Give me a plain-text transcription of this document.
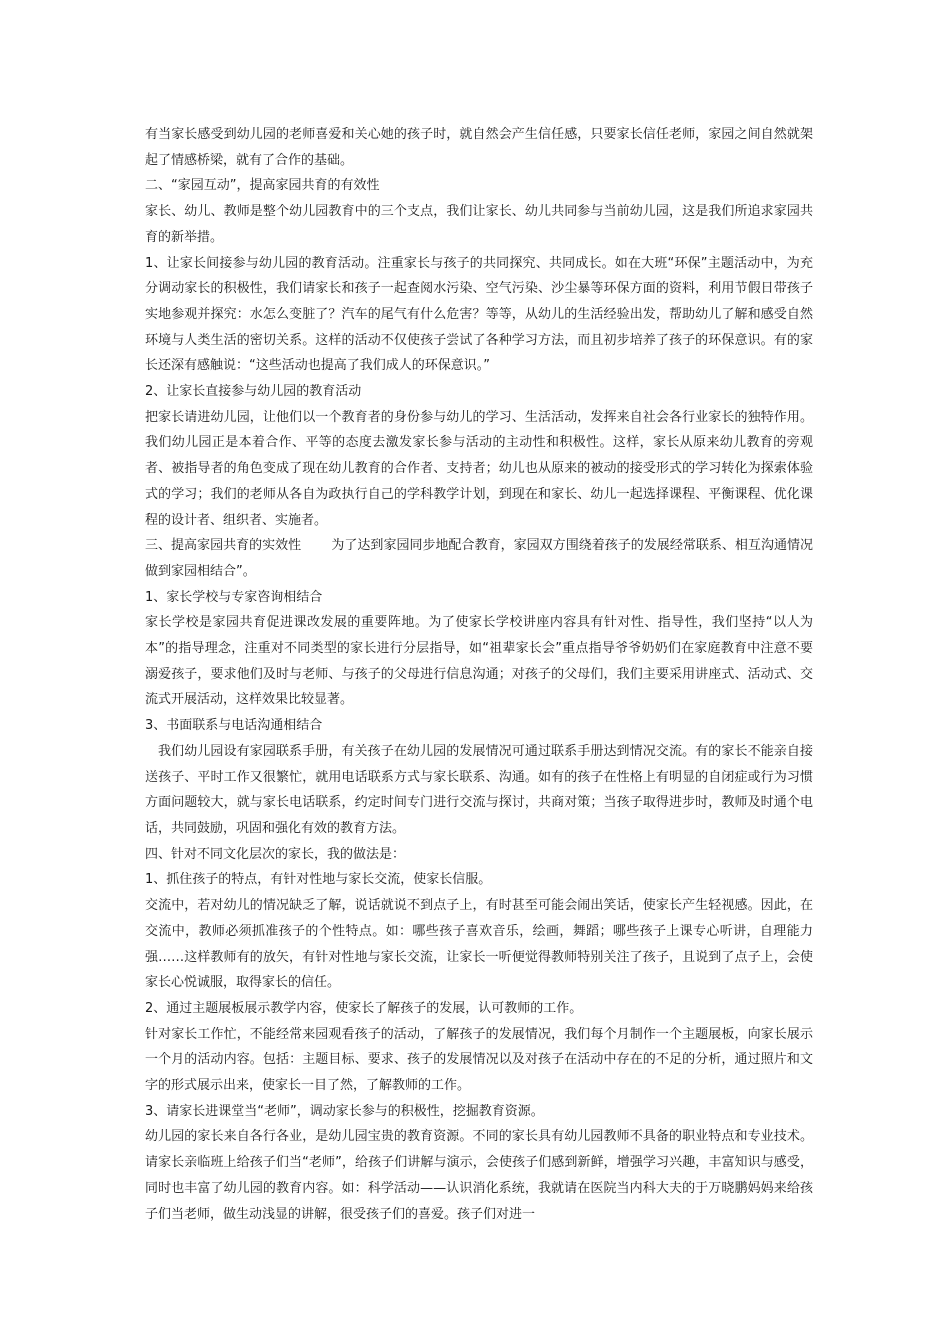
有当家长感受到幼儿园的老师喜爱和关心她的孩子时，就自然会产生信任感，只要家长信任老师，家园之间自然就架起了情感桥梁，就有了合作的基础。

二、“家园互动”，提高家园共育的有效性

家长、幼儿、教师是整个幼儿园教育中的三个支点，我们让家长、幼儿共同参与当前幼儿园，这是我们所追求家园共育的新举措。

1、让家长间接参与幼儿园的教育活动。注重家长与孩子的共同探究、共同成长。如在大班“环保”主题活动中，为充分调动家长的积极性，我们请家长和孩子一起查阅水污染、空气污染、沙尘暴等环保方面的资料，利用节假日带孩子实地参观并探究：水怎么变脏了？汽车的尾气有什么危害？等等，从幼儿的生活经验出发，帮助幼儿了解和感受自然环境与人类生活的密切关系。这样的活动不仅使孩子尝试了各种学习方法，而且初步培养了孩子的环保意识。有的家长还深有感触说：“这些活动也提高了我们成人的环保意识。”

2、让家长直接参与幼儿园的教育活动

把家长请进幼儿园，让他们以一个教育者的身份参与幼儿的学习、生活活动，发挥来自社会各行业家长的独特作用。我们幼儿园正是本着合作、平等的态度去激发家长参与活动的主动性和积极性。这样，家长从原来幼儿教育的旁观者、被指导者的角色变成了现在幼儿教育的合作者、支持者；幼儿也从原来的被动的接受形式的学习转化为探索体验式的学习；我们的老师从各自为政执行自己的学科教学计划，到现在和家长、幼儿一起选择课程、平衡课程、优化课程的设计者、组织者、实施者。

三、提高家园共育的实效性 　　为了达到家园同步地配合教育，家园双方围绕着孩子的发展经常联系、相互沟通情况做到家园相结合”。

1、家长学校与专家咨询相结合

家长学校是家园共育促进课改发展的重要阵地。为了使家长学校讲座内容具有针对性、指导性，我们坚持“以人为本”的指导理念，注重对不同类型的家长进行分层指导，如“祖辈家长会”重点指导爷爷奶奶们在家庭教育中注意不要溺爱孩子，要求他们及时与老师、与孩子的父母进行信息沟通；对孩子的父母们，我们主要采用讲座式、活动式、交流式开展活动，这样效果比较显著。

3、书面联系与电话沟通相结合

我们幼儿园设有家园联系手册，有关孩子在幼儿园的发展情况可通过联系手册达到情况交流。有的家长不能亲自接送孩子、平时工作又很繁忙，就用电话联系方式与家长联系、沟通。如有的孩子在性格上有明显的自闭症或行为习惯方面问题较大，就与家长电话联系，约定时间专门进行交流与探讨，共商对策；当孩子取得进步时，教师及时通个电话，共同鼓励，巩固和强化有效的教育方法。

四、针对不同文化层次的家长，我的做法是：

1、抓住孩子的特点，有针对性地与家长交流，使家长信服。

交流中，若对幼儿的情况缺乏了解，说话就说不到点子上，有时甚至可能会闹出笑话，使家长产生轻视感。因此，在交流中，教师必须抓准孩子的个性特点。如：哪些孩子喜欢音乐，绘画，舞蹈；哪些孩子上课专心听讲，自理能力强……这样教师有的放矢，有针对性地与家长交流，让家长一听便觉得教师特别关注了孩子，且说到了点子上，会使家长心悦诚服，取得家长的信任。

2、通过主题展板展示教学内容，使家长了解孩子的发展，认可教师的工作。

针对家长工作忙，不能经常来园观看孩子的活动，了解孩子的发展情况，我们每个月制作一个主题展板，向家长展示一个月的活动内容。包括：主题目标、要求、孩子的发展情况以及对孩子在活动中存在的不足的分析，通过照片和文字的形式展示出来，使家长一目了然，了解教师的工作。

3、请家长进课堂当“老师”，调动家长参与的积极性，挖掘教育资源。

幼儿园的家长来自各行各业，是幼儿园宝贵的教育资源。不同的家长具有幼儿园教师不具备的职业特点和专业技术。请家长亲临班上给孩子们当“老师”，给孩子们讲解与演示，会使孩子们感到新鲜，增强学习兴趣，丰富知识与感受，同时也丰富了幼儿园的教育内容。如：科学活动——认识消化系统，我就请在医院当内科大夫的于万晓鹏妈妈来给孩子们当老师，做生动浅显的讲解，很受孩子们的喜爱。孩子们对进一
